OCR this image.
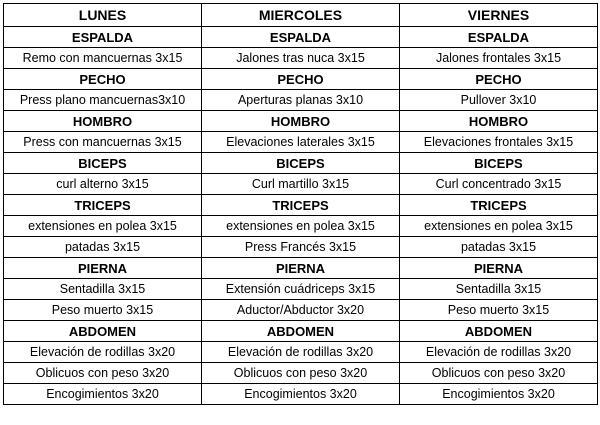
LUNES	MIERCOLES	VIERNES
ESPALDA	ESPALDA	ESPALDA
Remo con mancuernas 3x15	Jalones tras nuca 3x15	Jalones frontales 3x15
PECHO	PECHO	PECHO
Press plano mancuernas3x10	Aperturas planas 3x10	Pullover 3x10
HOMBRO	HOMBRO	HOMBRO
Press con mancuernas 3x15	Elevaciones laterales 3x15	Elevaciones frontales 3x15
BICEPS	BICEPS	BICEPS
curl alterno 3x15	Curl martillo 3x15	Curl concentrado 3x15
TRICEPS	TRICEPS	TRICEPS
extensiones en polea 3x15	extensiones en polea 3x15	extensiones en polea 3x15
patadas 3x15	Press Francés 3x15	patadas 3x15
PIERNA	PIERNA	PIERNA
Sentadilla 3x15	Extensión cuádriceps 3x15	Sentadilla 3x15
Peso muerto 3x15	Aductor/Abductor 3x20	Peso muerto 3x15
ABDOMEN	ABDOMEN	ABDOMEN
Elevación de rodillas 3x20	Elevación de rodillas 3x20	Elevación de rodillas 3x20
Oblicuos con peso 3x20	Oblicuos con peso 3x20	Oblicuos con peso 3x20
Encogimientos 3x20	Encogimientos 3x20	Encogimientos 3x20
